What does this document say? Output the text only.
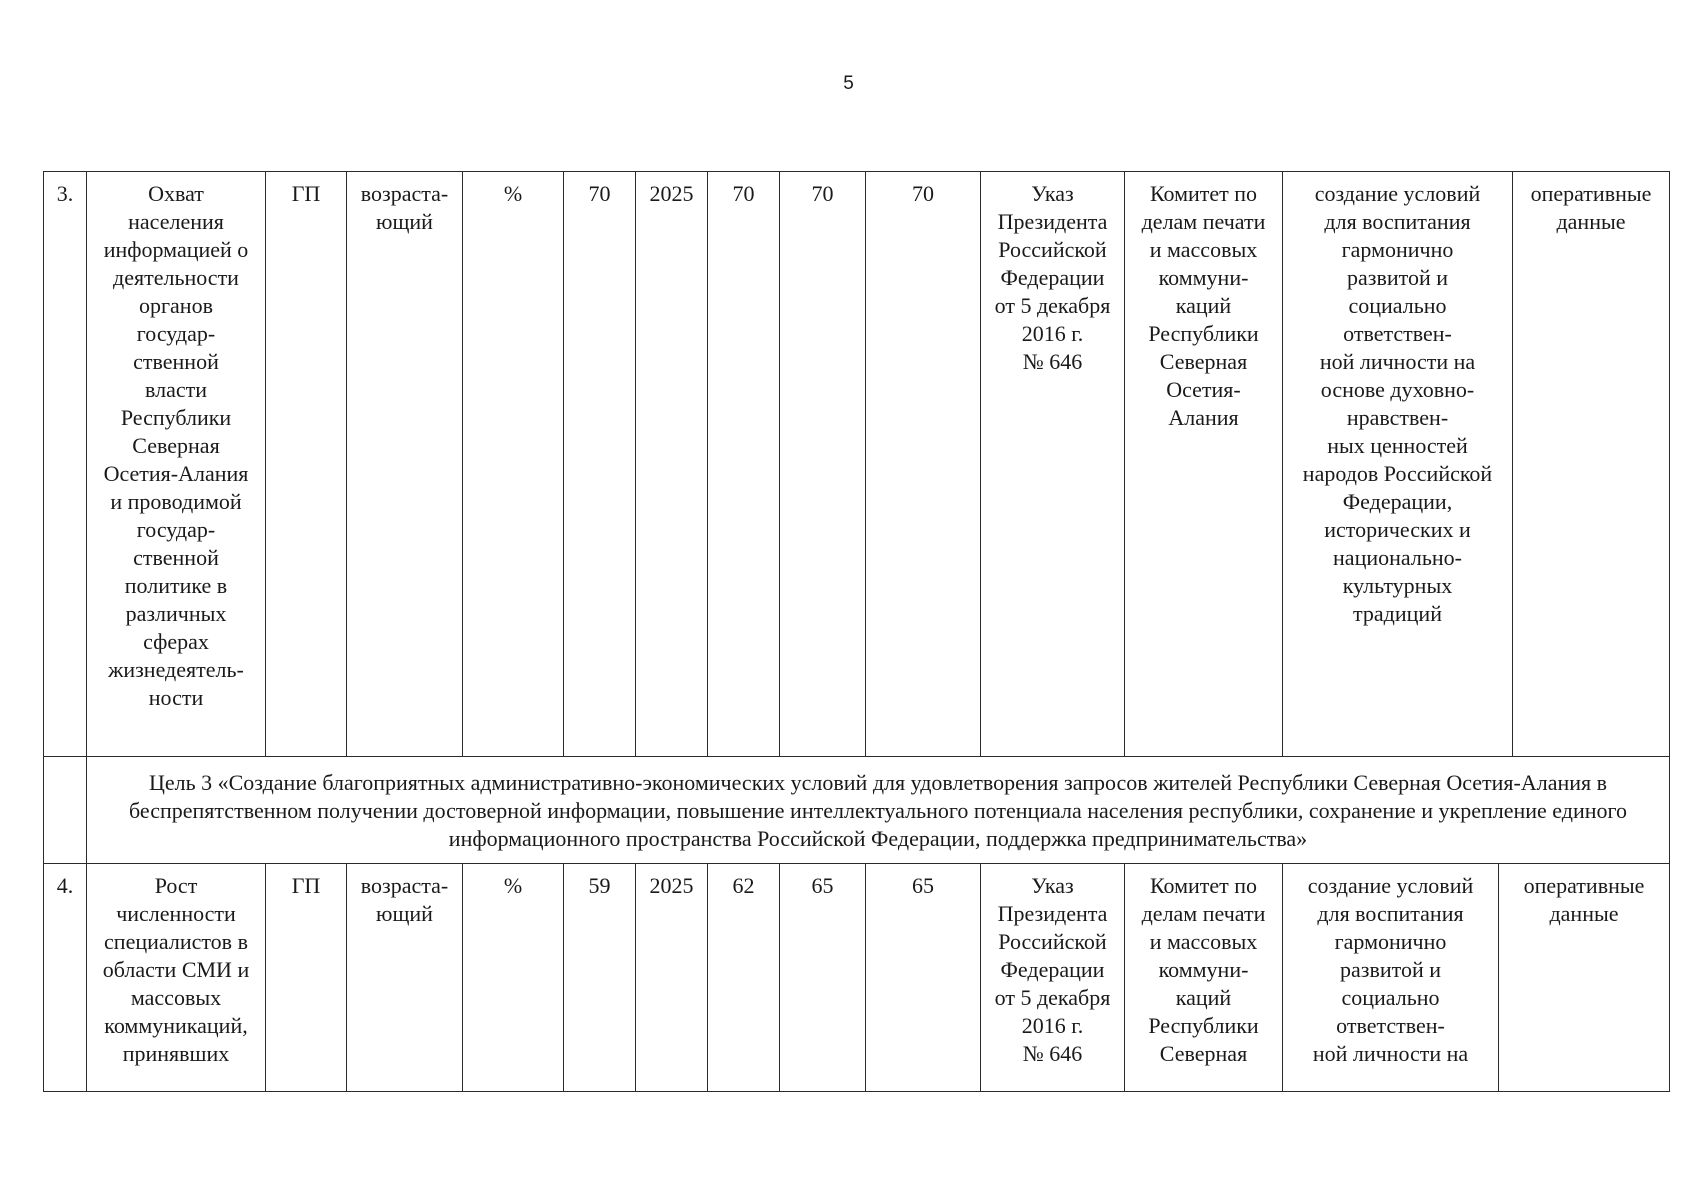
5
3.	Охват
населения
информацией о
деятельности
органов
государ-
ственной
власти
Республики
Северная
Осетия-Алания
и проводимой
государ-
ственной
политике в
различных
сферах
жизнедеятель-
ности	ГП	возраста-
ющий	%	70	2025	70	70	70	Указ
Президента
Российской
Федерации
от 5 декабря
2016 г.
№ 646	Комитет по
делам печати
и массовых
коммуни-
каций
Республики
Северная
Осетия-
Алания	создание условий
для воспитания
гармонично
развитой и
социально
ответствен-
ной личности на
основе духовно-
нравствен-
ных ценностей
народов Российской
Федерации,
исторических и
национально-
культурных
традиций	оперативные
данные
	Цель 3 «Создание благоприятных административно-экономических условий для удовлетворения запросов жителей Республики Северная Осетия-Алания в беспрепятственном получении достоверной информации, повышение интеллектуального потенциала населения республики, сохранение и укрепление единого информационного пространства Российской Федерации, поддержка предпринимательства»
4.	Рост
численности
специалистов в
области СМИ и
массовых
коммуникаций,
принявших	ГП	возраста-
ющий	%	59	2025	62	65	65	Указ
Президента
Российской
Федерации
от 5 декабря
2016 г.
№ 646	Комитет по
делам печати
и массовых
коммуни-
каций
Республики
Северная	создание условий
для воспитания
гармонично
развитой и
социально
ответствен-
ной личности на	оперативные
данные
